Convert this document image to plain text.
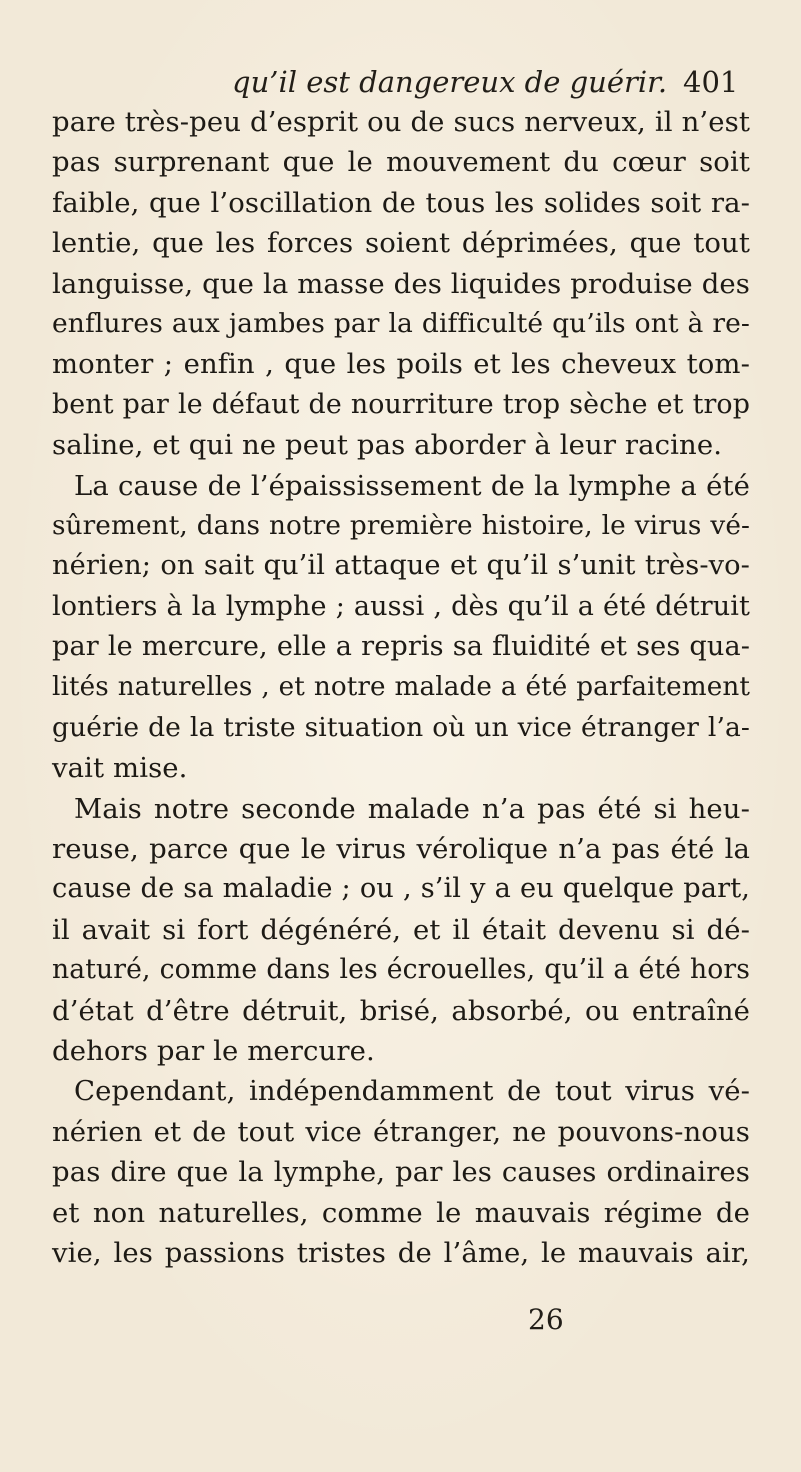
qu’il est dangereux de guérir. 401
pare très-peu d’esprit ou de sucs nerveux, il n’est
pas surprenant que le mouvement du cœur soit
faible, que l’oscillation de tous les solides soit ra-
lentie, que les forces soient déprimées, que tout
languisse, que la masse des liquides produise des
enflures aux jambes par la difficulté qu’ils ont à re-
monter ; enfin , que les poils et les cheveux tom-
bent par le défaut de nourriture trop sèche et trop
saline, et qui ne peut pas aborder à leur racine.
La cause de l’épaississement de la lymphe a été
sûrement, dans notre première histoire, le virus vé-
nérien; on sait qu’il attaque et qu’il s’unit très-vo-
lontiers à la lymphe ; aussi , dès qu’il a été détruit
par le mercure, elle a repris sa fluidité et ses qua-
lités naturelles , et notre malade a été parfaitement
guérie de la triste situation où un vice étranger l’a-
vait mise.
Mais notre seconde malade n’a pas été si heu-
reuse, parce que le virus vérolique n’a pas été la
cause de sa maladie ; ou , s’il y a eu quelque part,
il avait si fort dégénéré, et il était devenu si dé-
naturé, comme dans les écrouelles, qu’il a été hors
d’état d’être détruit, brisé, absorbé, ou entraîné
dehors par le mercure.
Cependant, indépendamment de tout virus vé-
nérien et de tout vice étranger, ne pouvons-nous
pas dire que la lymphe, par les causes ordinaires
et non naturelles, comme le mauvais régime de
vie, les passions tristes de l’âme, le mauvais air,
26
